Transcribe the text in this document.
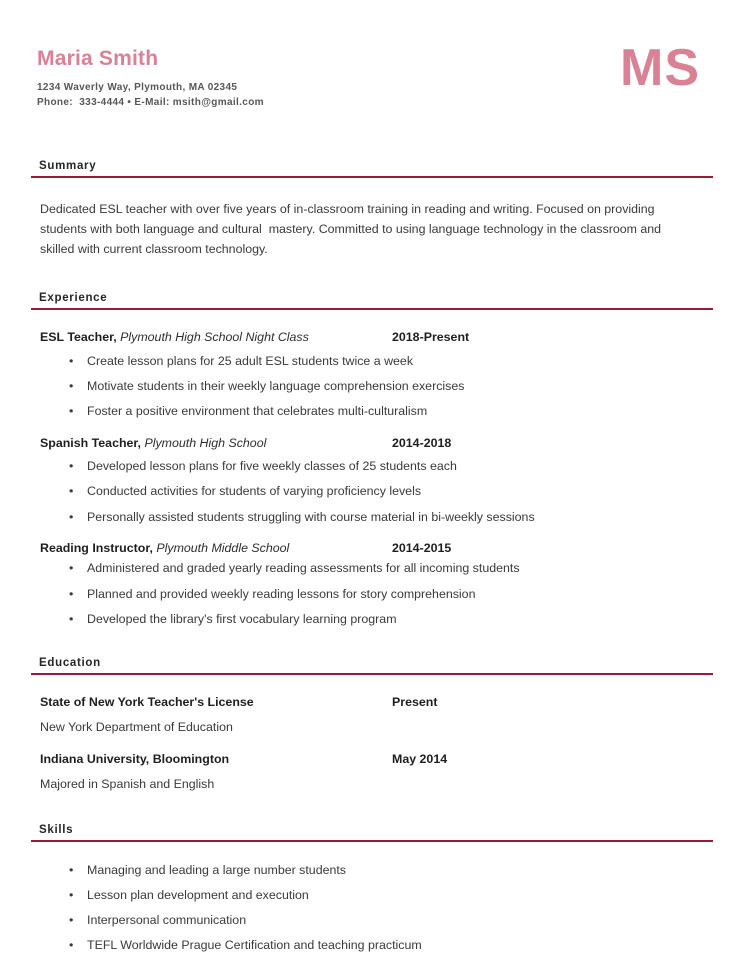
Maria Smith
1234 Waverly Way, Plymouth, MA 02345
Phone:  333-4444 • E-Mail: msith@gmail.com
MS
Summary

Dedicated ESL teacher with over five years of in-classroom training in reading and writing. Focused on providing students with both language and cultural  mastery. Committed to using language technology in the classroom and skilled with current classroom technology.

Experience
ESL Teacher, Plymouth High School Night Class	2018-Present
• Create lesson plans for 25 adult ESL students twice a week
• Motivate students in their weekly language comprehension exercises
• Foster a positive environment that celebrates multi-culturalism
Spanish Teacher, Plymouth High School	2014-2018
• Developed lesson plans for five weekly classes of 25 students each
• Conducted activities for students of varying proficiency levels
• Personally assisted students struggling with course material in bi-weekly sessions
Reading Instructor, Plymouth Middle School	2014-2015
• Administered and graded yearly reading assessments for all incoming students
• Planned and provided weekly reading lessons for story comprehension
• Developed the library's first vocabulary learning program
Education
State of New York Teacher's License	Present
New York Department of Education
Indiana University, Bloomington	May 2014
Majored in Spanish and English
Skills
• Managing and leading a large number students
• Lesson plan development and execution
• Interpersonal communication
• TEFL Worldwide Prague Certification and teaching practicum
